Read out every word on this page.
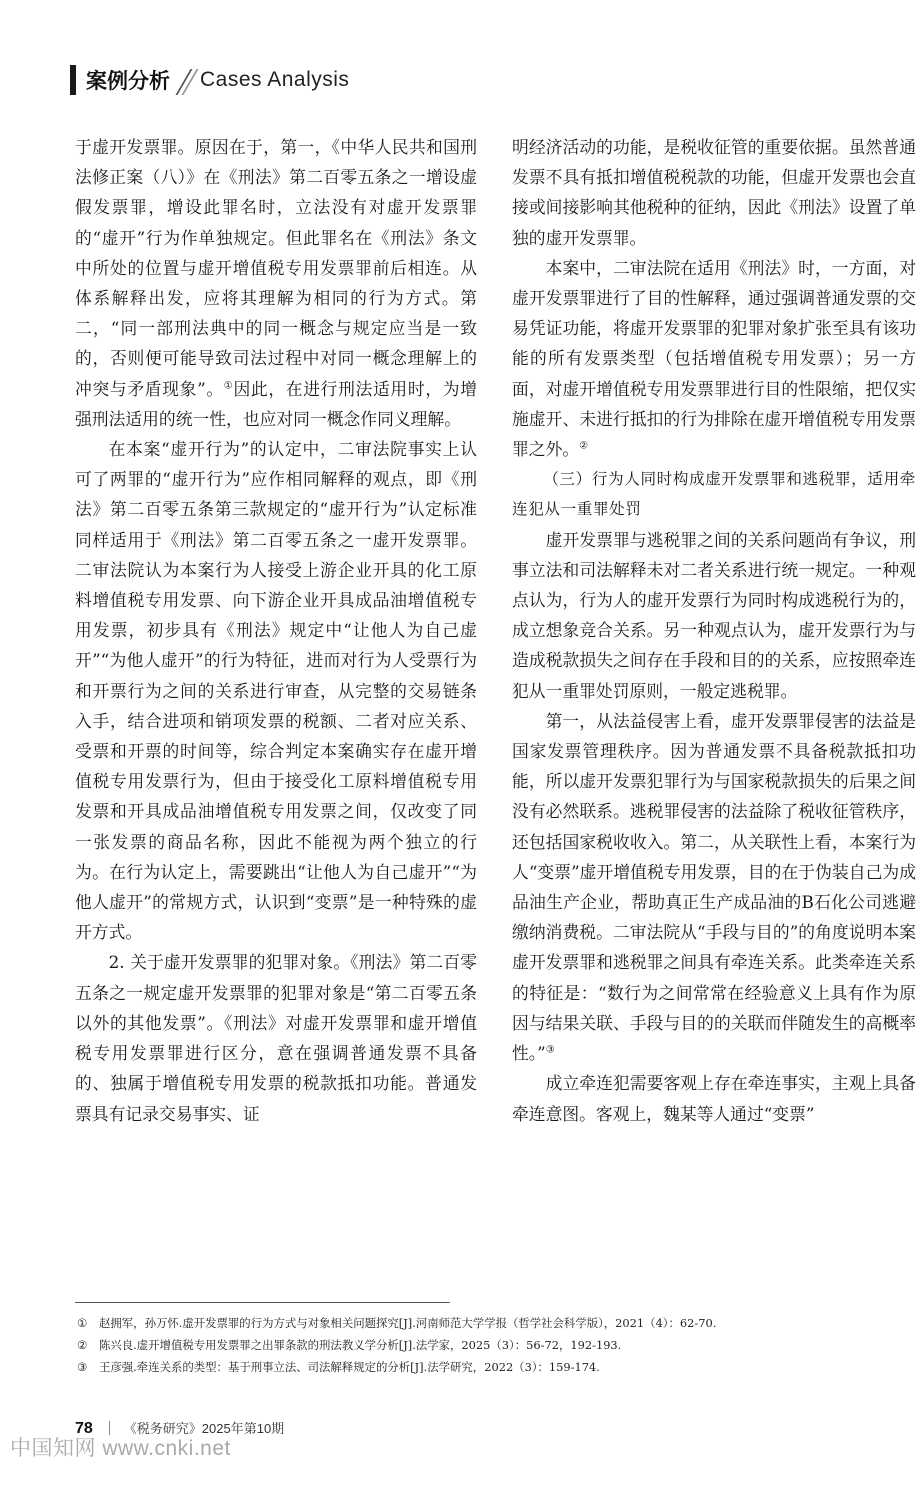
案例分析 Cases Analysis

于虚开发票罪。原因在于，第一，《中华人民共和国刑法修正案（八）》在《刑法》第二百零五条之一增设虚假发票罪，增设此罪名时，立法没有对虚开发票罪的“虚开”行为作单独规定。但此罪名在《刑法》条文中所处的位置与虚开增值税专用发票罪前后相连。从体系解释出发，应将其理解为相同的行为方式。第二，“同一部刑法典中的同一概念与规定应当是一致的，否则便可能导致司法过程中对同一概念理解上的冲突与矛盾现象”。①因此，在进行刑法适用时，为增强刑法适用的统一性，也应对同一概念作同义理解。

在本案“虚开行为”的认定中，二审法院事实上认可了两罪的“虚开行为”应作相同解释的观点，即《刑法》第二百零五条第三款规定的“虚开行为”认定标准同样适用于《刑法》第二百零五条之一虚开发票罪。二审法院认为本案行为人接受上游企业开具的化工原料增值税专用发票、向下游企业开具成品油增值税专用发票，初步具有《刑法》规定中“让他人为自己虚开”“为他人虚开”的行为特征，进而对行为人受票行为和开票行为之间的关系进行审查，从完整的交易链条入手，结合进项和销项发票的税额、二者对应关系、受票和开票的时间等，综合判定本案确实存在虚开增值税专用发票行为，但由于接受化工原料增值税专用发票和开具成品油增值税专用发票之间，仅改变了同一张发票的商品名称，因此不能视为两个独立的行为。在行为认定上，需要跳出“让他人为自己虚开”“为他人虚开”的常规方式，认识到“变票”是一种特殊的虚开方式。

2. 关于虚开发票罪的犯罪对象。《刑法》第二百零五条之一规定虚开发票罪的犯罪对象是“第二百零五条以外的其他发票”。《刑法》对虚开发票罪和虚开增值税专用发票罪进行区分，意在强调普通发票不具备的、独属于增值税专用发票的税款抵扣功能。普通发票具有记录交易事实、证

明经济活动的功能，是税收征管的重要依据。虽然普通发票不具有抵扣增值税税款的功能，但虚开发票也会直接或间接影响其他税种的征纳，因此《刑法》设置了单独的虚开发票罪。

本案中，二审法院在适用《刑法》时，一方面，对虚开发票罪进行了目的性解释，通过强调普通发票的交易凭证功能，将虚开发票罪的犯罪对象扩张至具有该功能的所有发票类型（包括增值税专用发票）；另一方面，对虚开增值税专用发票罪进行目的性限缩，把仅实施虚开、未进行抵扣的行为排除在虚开增值税专用发票罪之外。②

（三）行为人同时构成虚开发票罪和逃税罪，适用牵连犯从一重罪处罚

虚开发票罪与逃税罪之间的关系问题尚有争议，刑事立法和司法解释未对二者关系进行统一规定。一种观点认为，行为人的虚开发票行为同时构成逃税行为的，成立想象竞合关系。另一种观点认为，虚开发票行为与造成税款损失之间存在手段和目的的关系，应按照牵连犯从一重罪处罚原则，一般定逃税罪。

第一，从法益侵害上看，虚开发票罪侵害的法益是国家发票管理秩序。因为普通发票不具备税款抵扣功能，所以虚开发票犯罪行为与国家税款损失的后果之间没有必然联系。逃税罪侵害的法益除了税收征管秩序，还包括国家税收收入。第二，从关联性上看，本案行为人“变票”虚开增值税专用发票，目的在于伪装自己为成品油生产企业，帮助真正生产成品油的B石化公司逃避缴纳消费税。二审法院从“手段与目的”的角度说明本案虚开发票罪和逃税罪之间具有牵连关系。此类牵连关系的特征是：“数行为之间常常在经验意义上具有作为原因与结果关联、手段与目的的关联而伴随发生的高概率性。”③

成立牵连犯需要客观上存在牵连事实，主观上具备牵连意图。客观上，魏某等人通过“变票”

① 赵拥军，孙万怀.虚开发票罪的行为方式与对象相关问题探究[J].河南师范大学学报（哲学社会科学版），2021（4）：62-70.
② 陈兴良.虚开增值税专用发票罪之出罪条款的刑法教义学分析[J].法学家，2025（3）：56-72，192-193.
③ 王彦强.牵连关系的类型：基于刑事立法、司法解释规定的分析[J].法学研究，2022（3）：159-174.
78 《税务研究》2025年第10期
中国知网 www.cnki.net
